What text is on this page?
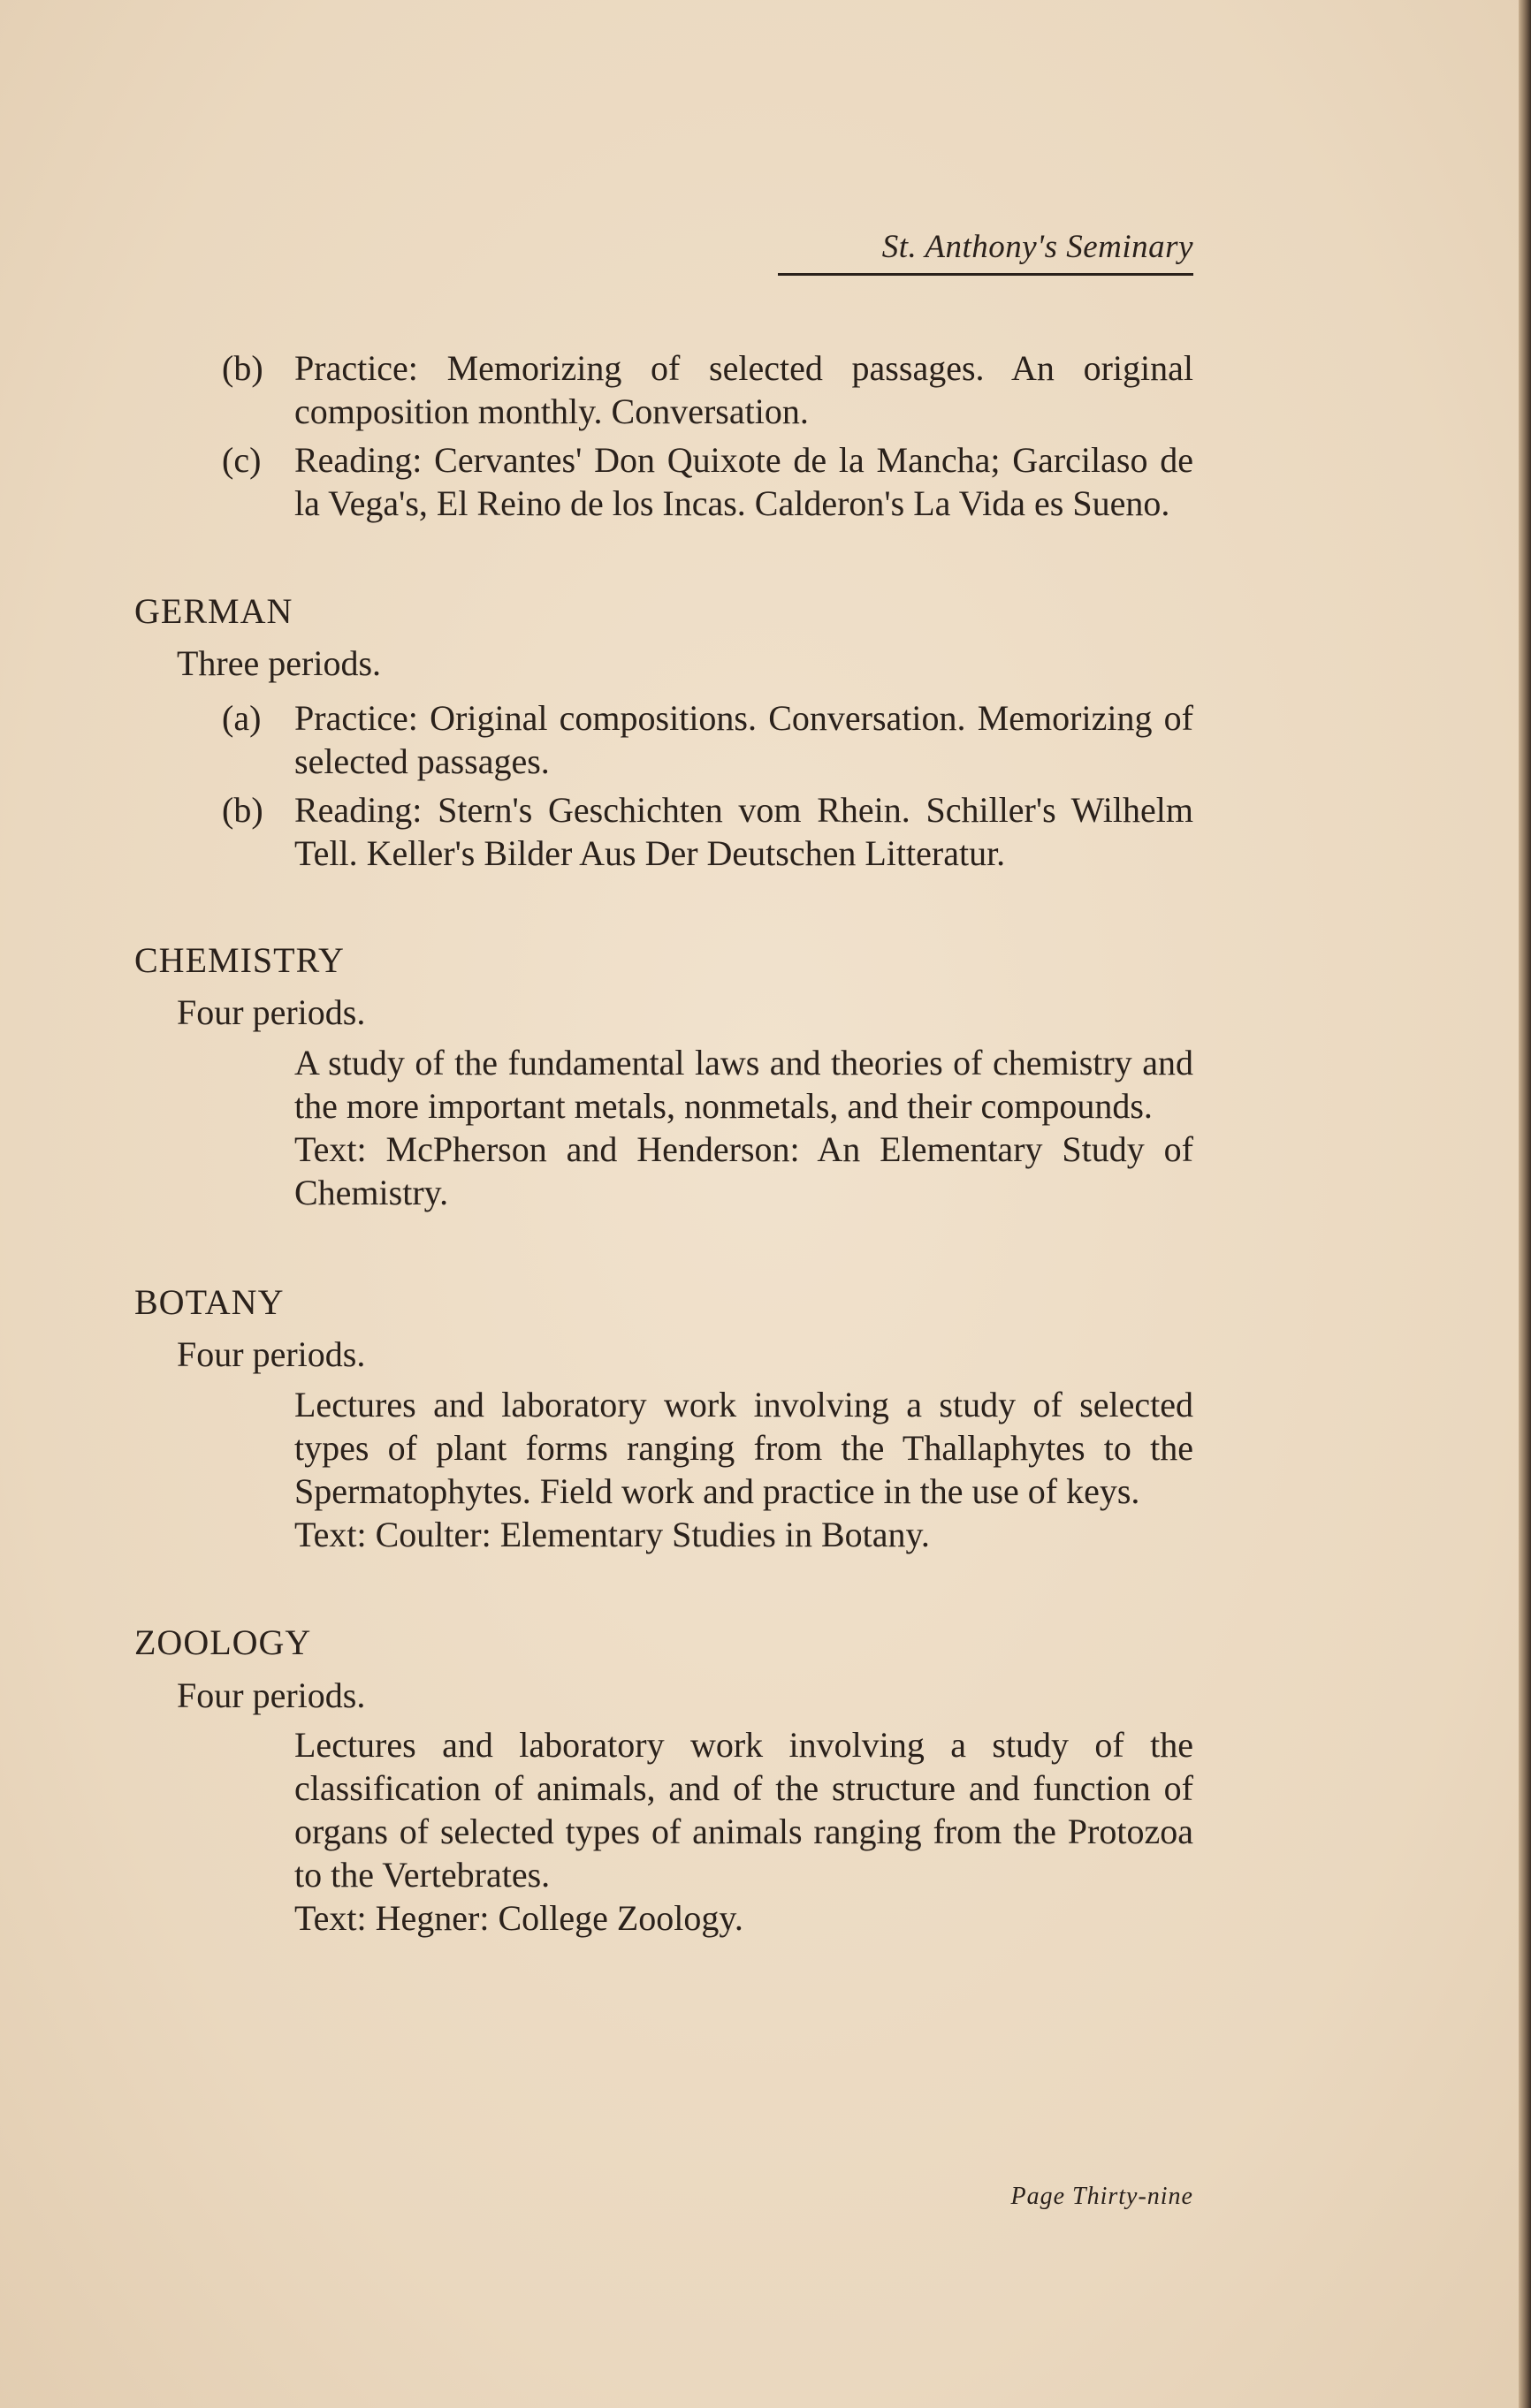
St. Anthony's Seminary
(b) Practice: Memorizing of selected passages. An original composition monthly. Conversation.
(c) Reading: Cervantes' Don Quixote de la Mancha; Garcilaso de la Vega's, El Reino de los Incas. Calderon's La Vida es Sueno.
GERMAN
Three periods.
(a) Practice: Original compositions. Conversation. Memorizing of selected passages.
(b) Reading: Stern's Geschichten vom Rhein. Schiller's Wilhelm Tell. Keller's Bilder Aus Der Deutschen Litteratur.
CHEMISTRY
Four periods.
A study of the fundamental laws and theories of chemistry and the more important metals, nonmetals, and their compounds.
Text: McPherson and Henderson: An Elementary Study of Chemistry.
BOTANY
Four periods.
Lectures and laboratory work involving a study of selected types of plant forms ranging from the Thallaphytes to the Spermatophytes. Field work and practice in the use of keys.
Text: Coulter: Elementary Studies in Botany.
ZOOLOGY
Four periods.
Lectures and laboratory work involving a study of the classification of animals, and of the structure and function of organs of selected types of animals ranging from the Protozoa to the Vertebrates.
Text: Hegner: College Zoology.
Page Thirty-nine
